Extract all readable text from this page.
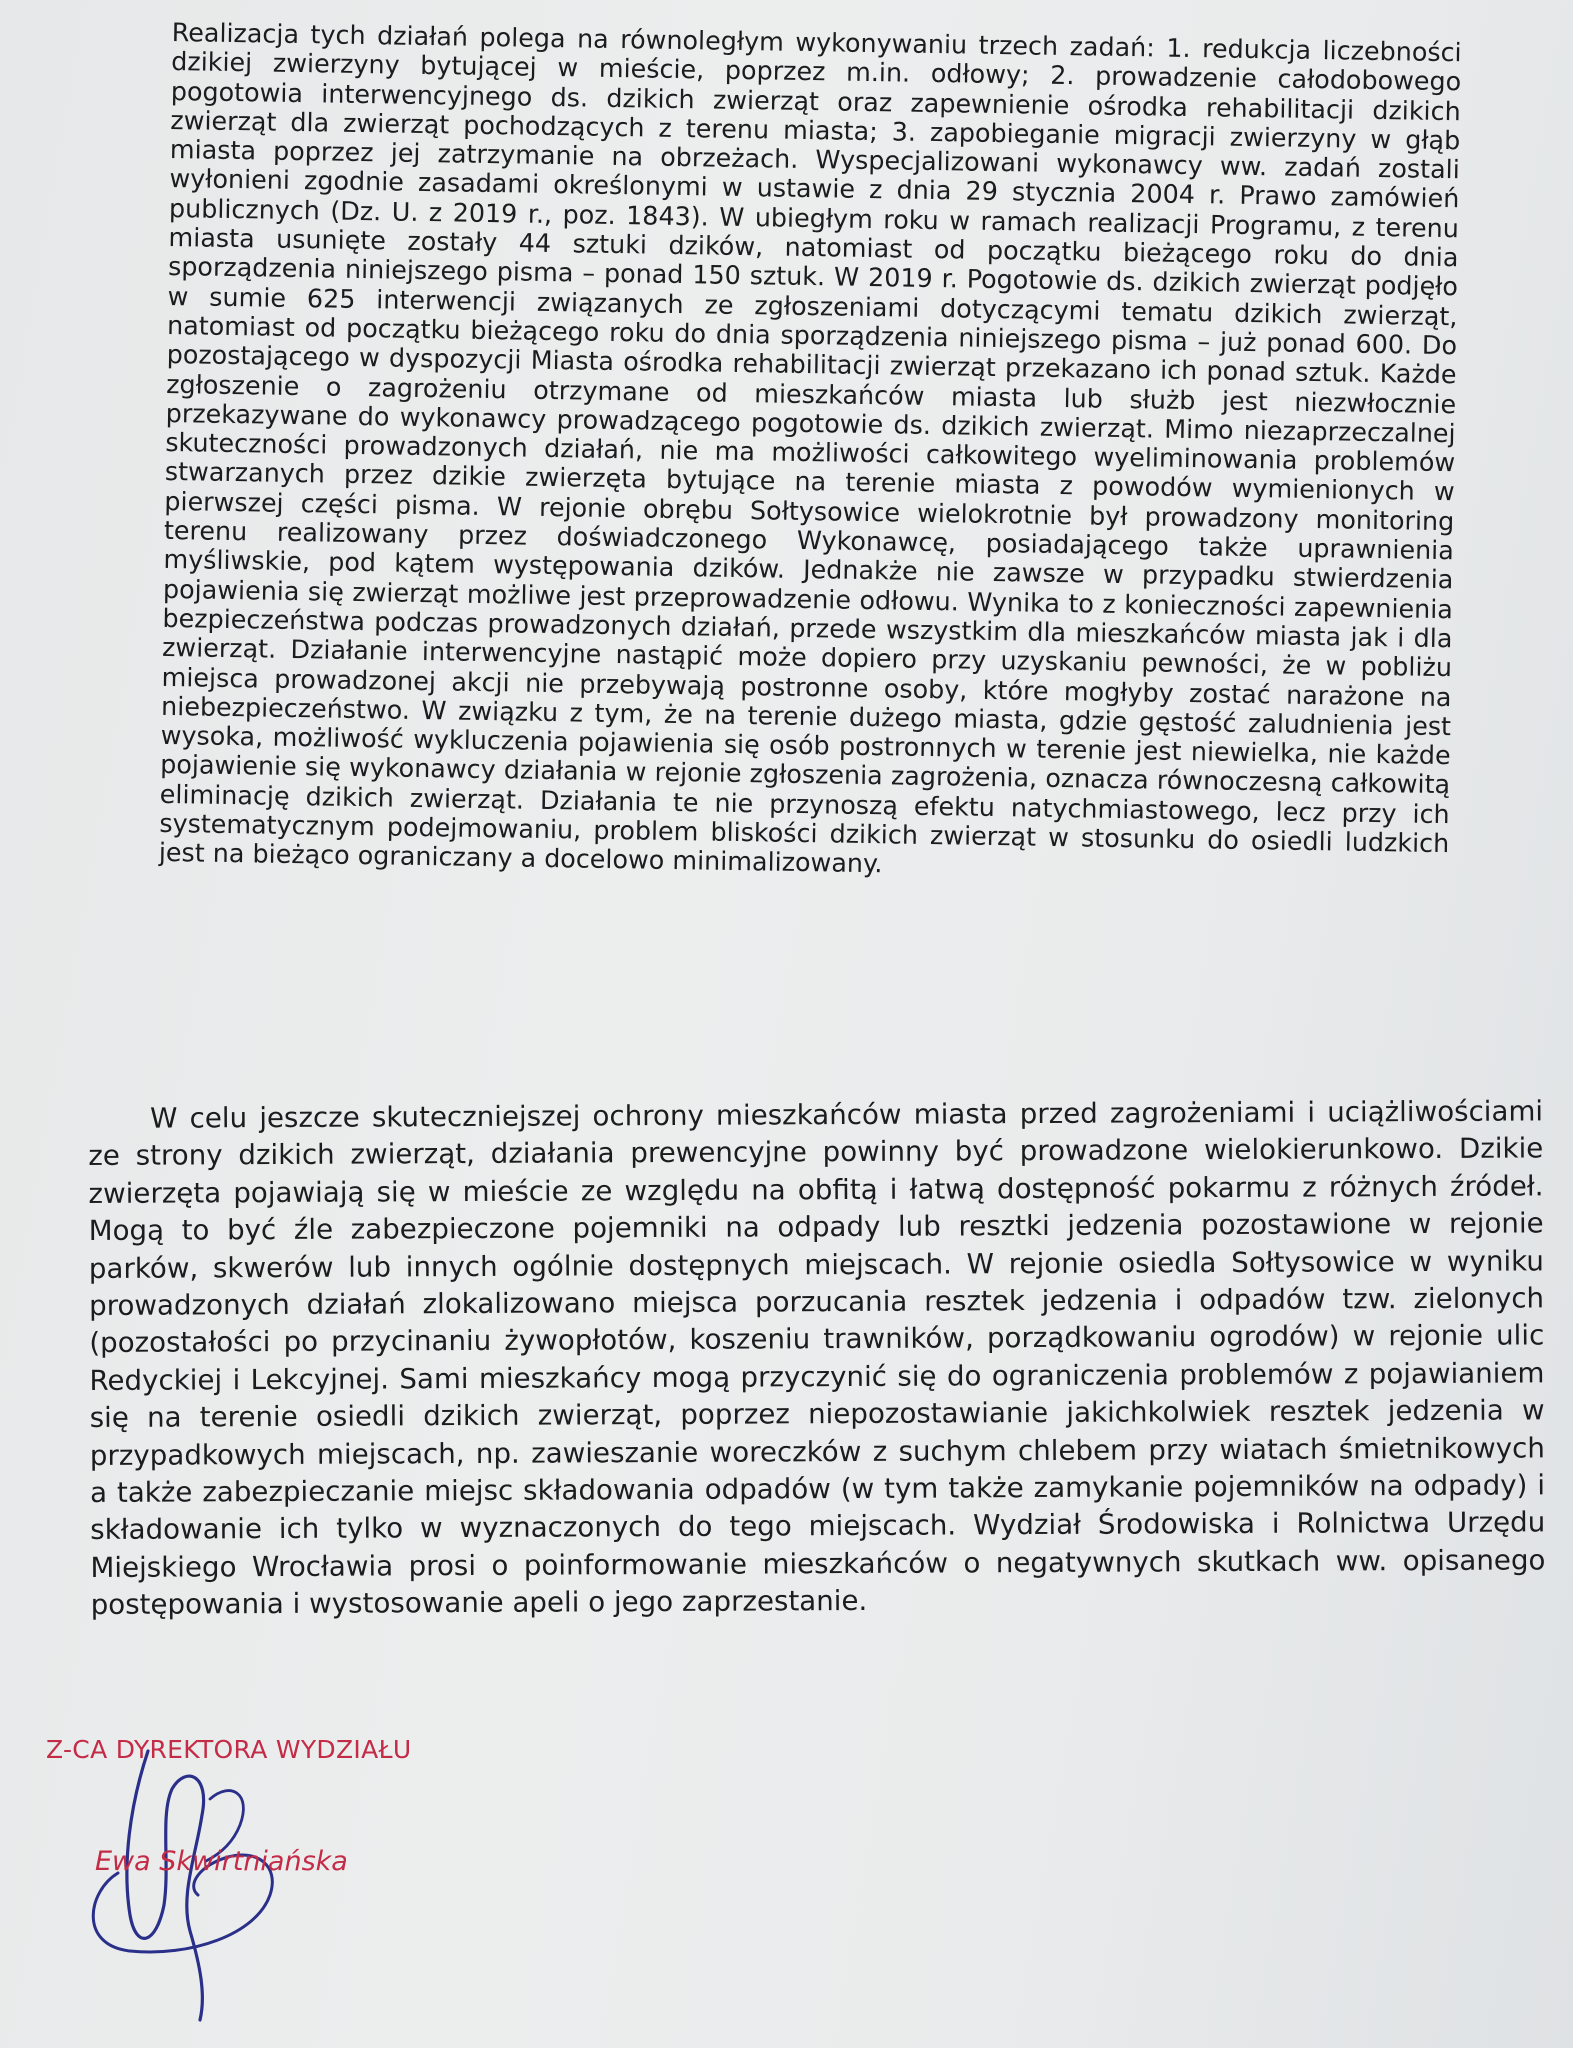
Realizacja tych działań polega na równoległym wykonywaniu trzech zadań: 1. redukcja liczebności dzikiej zwierzyny bytującej w mieście, poprzez m.in. odłowy; 2. prowadzenie całodobowego pogotowia interwencyjnego ds. dzikich zwierząt oraz zapewnienie ośrodka rehabilitacji dzikich zwierząt dla zwierząt pochodzących z terenu miasta; 3. zapobieganie migracji zwierzyny w głąb miasta poprzez jej zatrzymanie na obrzeżach. Wyspecjalizowani wykonawcy ww. zadań zostali wyłonieni zgodnie zasadami określonymi w ustawie z dnia 29 stycznia 2004 r. Prawo zamówień publicznych (Dz. U. z 2019 r., poz. 1843). W ubiegłym roku w ramach realizacji Programu, z terenu miasta usunięte zostały 44 sztuki dzików, natomiast od początku bieżącego roku do dnia sporządzenia niniejszego pisma – ponad 150 sztuk. W 2019 r. Pogotowie ds. dzikich zwierząt podjęło w sumie 625 interwencji związanych ze zgłoszeniami dotyczącymi tematu dzikich zwierząt, natomiast od początku bieżącego roku do dnia sporządzenia niniejszego pisma – już ponad 600. Do pozostającego w dyspozycji Miasta ośrodka rehabilitacji zwierząt przekazano ich ponad sztuk. Każde zgłoszenie o zagrożeniu otrzymane od mieszkańców miasta lub służb jest niezwłocznie przekazywane do wykonawcy prowadzącego pogotowie ds. dzikich zwierząt. Mimo niezaprzeczalnej skuteczności prowadzonych działań, nie ma możliwości całkowitego wyeliminowania problemów stwarzanych przez dzikie zwierzęta bytujące na terenie miasta z powodów wymienionych w pierwszej części pisma. W rejonie obrębu Sołtysowice wielokrotnie był prowadzony monitoring terenu realizowany przez doświadczonego Wykonawcę, posiadającego także uprawnienia myśliwskie, pod kątem występowania dzików. Jednakże nie zawsze w przypadku stwierdzenia pojawienia się zwierząt możliwe jest przeprowadzenie odłowu. Wynika to z konieczności zapewnienia bezpieczeństwa podczas prowadzonych działań, przede wszystkim dla mieszkańców miasta jak i dla zwierząt. Działanie interwencyjne nastąpić może dopiero przy uzyskaniu pewności, że w pobliżu miejsca prowadzonej akcji nie przebywają postronne osoby, które mogłyby zostać narażone na niebezpieczeństwo. W związku z tym, że na terenie dużego miasta, gdzie gęstość zaludnienia jest wysoka, możliwość wykluczenia pojawienia się osób postronnych w terenie jest niewielka, nie każde pojawienie się wykonawcy działania w rejonie zgłoszenia zagrożenia, oznacza równoczesną całkowitą eliminację dzikich zwierząt. Działania te nie przynoszą efektu natychmiastowego, lecz przy ich systematycznym podejmowaniu, problem bliskości dzikich zwierząt w stosunku do osiedli ludzkich jest na bieżąco ograniczany a docelowo minimalizowany.

W celu jeszcze skuteczniejszej ochrony mieszkańców miasta przed zagrożeniami i uciążliwościami ze strony dzikich zwierząt, działania prewencyjne powinny być prowadzone wielokierunkowo. Dzikie zwierzęta pojawiają się w mieście ze względu na obfitą i łatwą dostępność pokarmu z różnych źródeł. Mogą to być źle zabezpieczone pojemniki na odpady lub resztki jedzenia pozostawione w rejonie parków, skwerów lub innych ogólnie dostępnych miejscach. W rejonie osiedla Sołtysowice w wyniku prowadzonych działań zlokalizowano miejsca porzucania resztek jedzenia i odpadów tzw. zielonych (pozostałości po przycinaniu żywopłotów, koszeniu trawników, porządkowaniu ogrodów) w rejonie ulic Redyckiej i Lekcyjnej. Sami mieszkańcy mogą przyczynić się do ograniczenia problemów z pojawianiem się na terenie osiedli dzikich zwierząt, poprzez niepozostawianie jakichkolwiek resztek jedzenia w przypadkowych miejscach, np. zawieszanie woreczków z suchym chlebem przy wiatach śmietnikowych a także zabezpieczanie miejsc składowania odpadów (w tym także zamykanie pojemników na odpady) i składowanie ich tylko w wyznaczonych do tego miejscach. Wydział Środowiska i Rolnictwa Urzędu Miejskiego Wrocławia prosi o poinformowanie mieszkańców o negatywnych skutkach ww. opisanego postępowania i wystosowanie apeli o jego zaprzestanie.

Z-CA DYREKTORA WYDZIAŁU
Ewa Skwirtniańska
